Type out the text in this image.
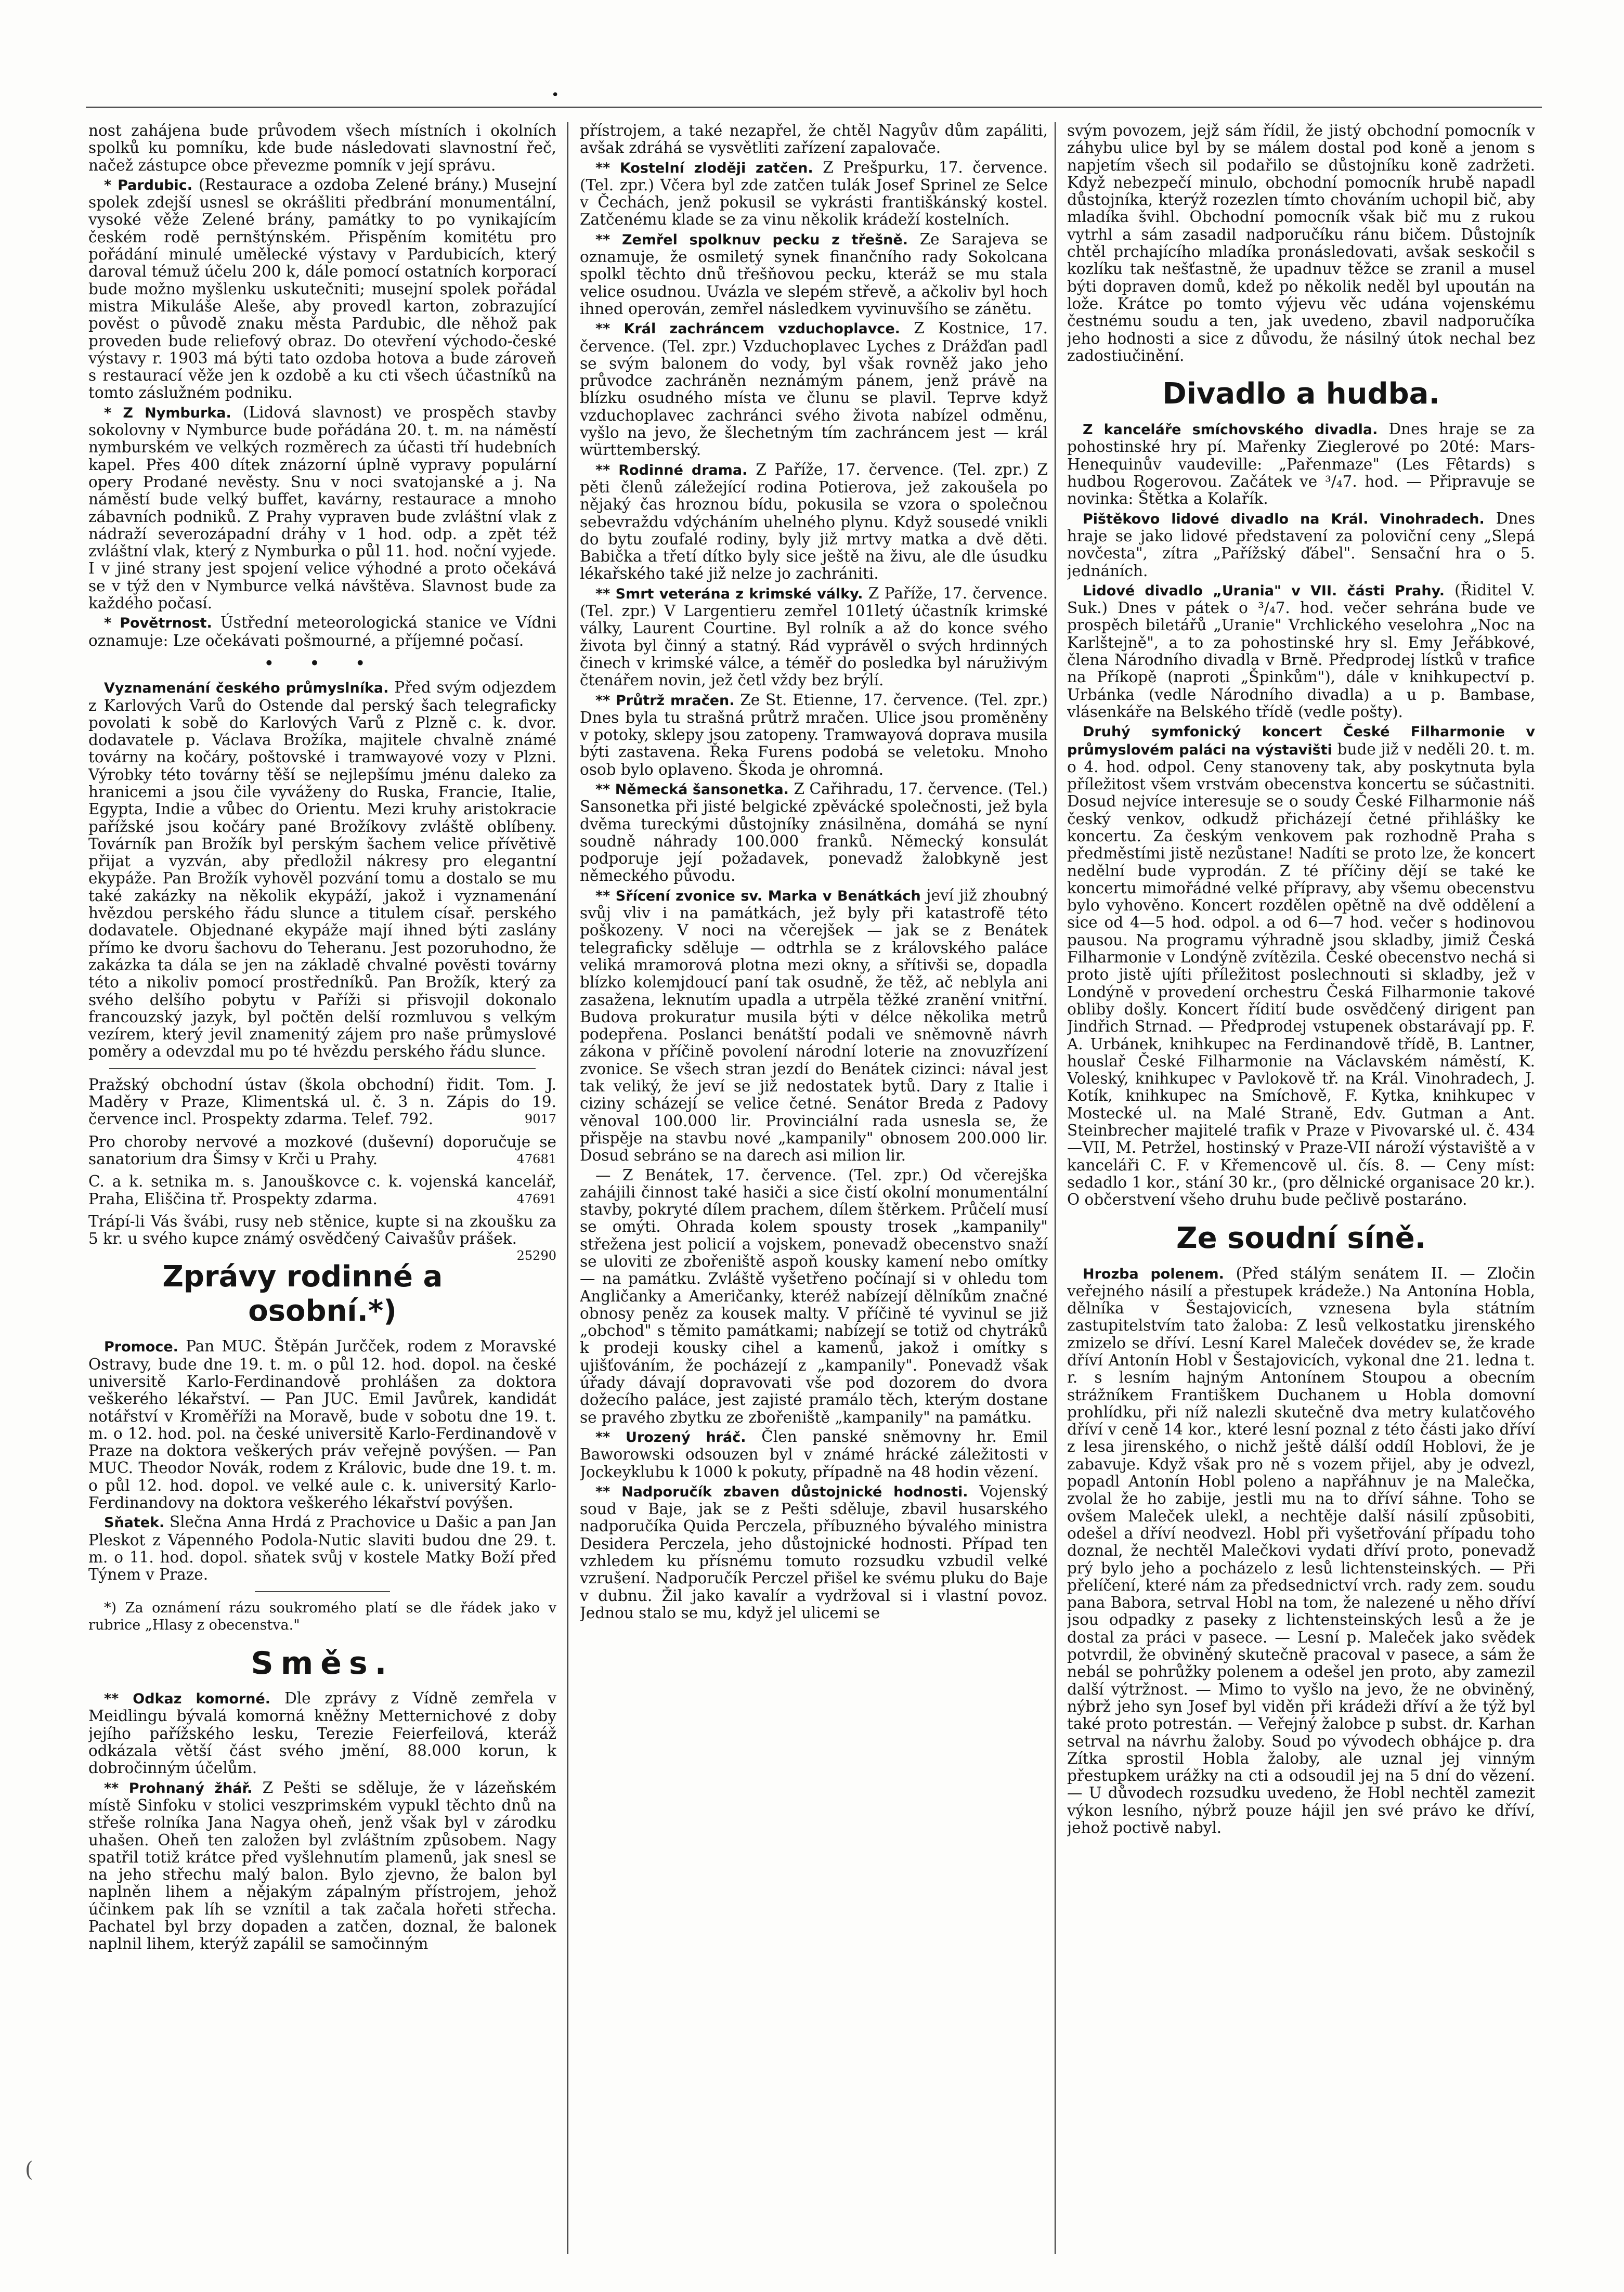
•
(

nost zahájena bude průvodem všech místních i okolních spolků ku pomníku, kde bude následovati slavnostní řeč, načež zástupce obce převezme pomník v její správu.

* Pardubic. (Restaurace a ozdoba Zelené brány.) Musejní spolek zdejší usnesl se okrášliti předbrání monumentální, vysoké věže Zelené brány, památky to po vynikajícím českém rodě pernštýnském. Přispěním komitétu pro pořádání minulé umělecké výstavy v Pardubicích, který daroval témuž účelu 200 k, dále pomocí ostatních korporací bude možno myšlenku uskutečniti; musejní spolek pořádal mistra Mikuláše Aleše, aby provedl karton, zobrazující pověst o původě znaku města Pardubic, dle něhož pak proveden bude reliefový obraz. Do otevření východo-české výstavy r. 1903 má býti tato ozdoba hotova a bude zároveň s restaurací věže jen k ozdobě a ku cti všech účastníků na tomto záslužném podniku.

* Z Nymburka. (Lidová slavnost) ve prospěch stavby sokolovny v Nymburce bude pořádána 20. t. m. na náměstí nymburském ve velkých rozměrech za účasti tří hudebních kapel. Přes 400 dítek znázorní úplně vypravy populární opery Prodané nevěsty. Snu v noci svatojanské a j. Na náměstí bude velký buffet, kavárny, restaurace a mnoho zábavních podniků. Z Prahy vypraven bude zvláštní vlak z nádraží severozápadní dráhy v 1 hod. odp. a zpět též zvláštní vlak, který z Nymburka o půl 11. hod. noční vyjede. I v jiné strany jest spojení velice výhodné a proto očekává se v týž den v Nymburce velká návštěva. Slavnost bude za každého počasí.

* Povětrnost. Ústřední meteorologická stanice ve Vídni oznamuje: Lze očekávati pošmourné, a příjemné počasí.

• • •

Vyznamenání českého průmyslníka. Před svým odjezdem z Karlových Varů do Ostende dal perský šach telegraficky povolati k sobě do Karlových Varů z Plzně c. k. dvor. dodavatele p. Václava Brožíka, majitele chvalně známé továrny na kočáry, poštovské i tramwayové vozy v Plzni. Výrobky této továrny těší se nejlepšímu jménu daleko za hranicemi a jsou čile vyváženy do Ruska, Francie, Italie, Egypta, Indie a vůbec do Orientu. Mezi kruhy aristokracie pařížské jsou kočáry pané Brožíkovy zvláště oblíbeny. Továrník pan Brožík byl perským šachem velice přívětivě přijat a vyzván, aby předložil nákresy pro elegantní ekypáže. Pan Brožík vyhověl pozvání tomu a dostalo se mu také zakázky na několik ekypáží, jakož i vyznamenání hvězdou perského řádu slunce a titulem císař. perského dodavatele. Objednané ekypáže mají ihned býti zaslány přímo ke dvoru šachovu do Teheranu. Jest pozoruhodno, že zakázka ta dála se jen na základě chvalné pověsti továrny této a nikoliv pomocí prostředníků. Pan Brožík, který za svého delšího pobytu v Paříži si přisvojil dokonalo francouzský jazyk, byl počtěn delší rozmluvou s velkým vezírem, který jevil znamenitý zájem pro naše průmyslové poměry a odevzdal mu po té hvězdu perského řádu slunce.

Pražský obchodní ústav (škola obchodní) řidit. Tom. J. Maděry v Praze, Klimentská ul. č. 3 n. Zápis do 19. července incl. Prospekty zdarma. Telef. 792.	9017

Pro choroby nervové a mozkové (duševní) doporučuje se sanatorium dra Šimsy v Krči u Prahy.	47681

C. a k. setnika m. s. Janouškovce c. k. vojenská kancelář, Praha, Eliščina tř. Prospekty zdarma.	47691

Trápí-li Vás švábi, rusy neb stěnice, kupte si na zkoušku za 5 kr. u svého kupce známý osvědčený Caivašův prášek.
25290

Zprávy rodinné a osobní.*)

Promoce. Pan MUC. Štěpán Jurčček, rodem z Moravské Ostravy, bude dne 19. t. m. o půl 12. hod. dopol. na české universitě Karlo-Ferdinandově prohlášen za doktora veškerého lékařství. — Pan JUC. Emil Javůrek, kandidát notářství v Kroměříži na Moravě, bude v sobotu dne 19. t. m. o 12. hod. pol. na české universitě Karlo-Ferdinandově v Praze na doktora veškerých práv veřejně povýšen. — Pan MUC. Theodor Novák, rodem z Královic, bude dne 19. t. m. o půl 12. hod. dopol. ve velké aule c. k. universitý Karlo-Ferdinandovy na doktora veškerého lékařství povýšen.

Sňatek. Slečna Anna Hrdá z Prachovice u Dašic a pan Jan Pleskot z Vápenného Podola-Nutic slaviti budou dne 29. t. m. o 11. hod. dopol. sňatek svůj v kostele Matky Boží před Týnem v Praze.

*) Za oznámení rázu soukromého platí se dle řádek jako v rubrice „Hlasy z obecenstva."

Směs.

** Odkaz komorné. Dle zprávy z Vídně zemřela v Meidlingu bývalá komorná kněžny Metternichové z doby jejího pařížského lesku, Terezie Feierfeilová, kteráž odkázala větší část svého jmění, 88.000 korun, k dobročinným účelům.

** Prohnaný žhář. Z Pešti se sděluje, že v lázeňském místě Sinfoku v stolici veszprimském vypukl těchto dnů na střeše rolníka Jana Nagya oheň, jenž však byl v zárodku uhašen. Oheň ten založen byl zvláštním způsobem. Nagy spatřil totiž krátce před vyšlehnutím plamenů, jak snesl se na jeho střechu malý balon. Bylo zjevno, že balon byl naplněn lihem a nějakým zápalným přístrojem, jehož účinkem pak líh se vznítil a tak začala hořeti střecha. Pachatel byl brzy dopaden a zatčen, doznal, že balonek naplnil lihem, kterýž zapálil se samočinným

přístrojem, a také nezapřel, že chtěl Nagyův dům zapáliti, avšak zdráhá se vysvětliti zařízení zapalovače.

** Kostelní zloději zatčen. Z Prešpurku, 17. července. (Tel. zpr.) Včera byl zde zatčen tulák Josef Sprinel ze Selce v Čechách, jenž pokusil se vykrásti františkánský kostel. Zatčenému klade se za vinu několik krádeží kostelních.

** Zemřel spolknuv pecku z třešně. Ze Sarajeva se oznamuje, že osmiletý synek finančního rady Sokolcana spolkl těchto dnů třešňovou pecku, kteráž se mu stala velice osudnou. Uvázla ve slepém střevě, a ačkoliv byl hoch ihned operován, zemřel následkem vyvinuvšího se zánětu.

** Král zachráncem vzduchoplavce. Z Kostnice, 17. července. (Tel. zpr.) Vzduchoplavec Lyches z Drážďan padl se svým balonem do vody, byl však rovněž jako jeho průvodce zachráněn neznámým pánem, jenž právě na blízku osudného místa ve člunu se plavil. Teprve když vzduchoplavec zachránci svého života nabízel odměnu, vyšlo na jevo, že šlechetným tím zachráncem jest — král württemberský.

** Rodinné drama. Z Paříže, 17. července. (Tel. zpr.) Z pěti členů záležející rodina Potierova, jež zakoušela po nějaký čas hroznou bídu, pokusila se vzora o společnou sebevraždu vdýcháním uhelného plynu. Když sousedé vnikli do bytu zoufalé rodiny, byly již mrtvy matka a dvě děti. Babička a třetí dítko byly sice ještě na živu, ale dle úsudku lékařského také již nelze jo zachrániti.

** Smrt veterána z krimské války. Z Paříže, 17. července. (Tel. zpr.) V Largentieru zemřel 101letý účastník krimské války, Laurent Courtine. Byl rolník a až do konce svého života byl činný a statný. Rád vyprávěl o svých hrdinných činech v krimské válce, a téměř do posledka byl náruživým čtenářem novin, jež četl vždy bez brýlí.

** Průtrž mračen. Ze St. Etienne, 17. července. (Tel. zpr.) Dnes byla tu strašná průtrž mračen. Ulice jsou proměněny v potoky, sklepy jsou zatopeny. Tramwayová doprava musila býti zastavena. Řeka Furens podobá se veletoku. Mnoho osob bylo oplaveno. Škoda je ohromná.

** Německá šansonetka. Z Cařihradu, 17. července. (Tel.) Sansonetka při jisté belgické zpěvácké společnosti, jež byla dvěma tureckými důstojníky znásilněna, domáhá se nyní soudně náhrady 100.000 franků. Německý konsulát podporuje její požadavek, ponevadž žalobkyně jest německého původu.

** Sřícení zvonice sv. Marka v Benátkách jeví již zhoubný svůj vliv i na památkách, jež byly při katastrofě této poškozeny. V noci na včerejšek — jak se z Benátek telegraficky sděluje — odtrhla se z královského paláce veliká mramorová plotna mezi okny, a sřítivši se, dopadla blízko kolemjdoucí paní tak osudně, že těž, ač neblyla ani zasažena, leknutím upadla a utrpěla těžké zranění vnitřní. Budova prokuratur musila býti v délce několika metrů podepřena. Poslanci benátští podali ve sněmovně návrh zákona v příčině povolení národní loterie na znovuzřízení zvonice. Se všech stran jezdí do Benátek cizinci: nával jest tak veliký, že jeví se již nedostatek bytů. Dary z Italie i ciziny scházejí se velice četné. Senátor Breda z Padovy věnoval 100.000 lir. Provinciální rada usnesla se, že přispěje na stavbu nové „kampanily" obnosem 200.000 lir. Dosud sebráno se na darech asi milion lir.

— Z Benátek, 17. července. (Tel. zpr.) Od včerejška zahájili činnost také hasiči a sice čistí okolní monumentální stavby, pokryté dílem prachem, dílem štěrkem. Průčelí musí se omýti. Ohrada kolem spousty trosek „kampanily" střežena jest policií a vojskem, ponevadž obecenstvo snaží se uloviti ze zbořeniště aspoň kousky kamení nebo omítky — na památku. Zvláště vyšetřeno počínají si v ohledu tom Angličanky a Američanky, kteréž nabízejí dělníkům značné obnosy peněz za kousek malty. V příčině té vyvinul se již „obchod" s těmito památkami; nabízejí se totiž od chytráků k prodeji kousky cihel a kamenů, jakož i omítky s ujišťováním, že pocházejí z „kampanily". Ponevadž však úřady dávají dopravovati vše pod dozorem do dvora dožecího paláce, jest zajisté pramálo těch, kterým dostane se pravého zbytku ze zbořeniště „kampanily" na památku.

** Urozený hráč. Člen panské sněmovny hr. Emil Baworowski odsouzen byl v známé hrácké záležitosti v Jockeyklubu k 1000 k pokuty, případně na 48 hodin vězení.

** Nadporučík zbaven důstojnické hodnosti. Vojenský soud v Baje, jak se z Pešti sděluje, zbavil husarského nadporučíka Quida Perczela, příbuzného bývalého ministra Desidera Perczela, jeho důstojnické hodnosti. Případ ten vzhledem ku přísnému tomuto rozsudku vzbudil velké vzrušení. Nadporučík Perczel přišel ke svému pluku do Baje v dubnu. Žil jako kavalír a vydržoval si i vlastní povoz. Jednou stalo se mu, když jel ulicemi se

svým povozem, jejž sám řídil, že jistý obchodní pomocník v záhybu ulice byl by se málem dostal pod koně a jenom s napjetím všech sil podařilo se důstojníku koně zadržeti. Když nebezpečí minulo, obchodní pomocník hrubě napadl důstojníka, kterýž rozezlen tímto chováním uchopil bič, aby mladíka švihl. Obchodní pomocník však bič mu z rukou vytrhl a sám zasadil nadporučíku ránu bičem. Důstojník chtěl prchajícího mladíka pronásledovati, avšak seskočil s kozlíku tak nešťastně, že upadnuv těžce se zranil a musel býti dopraven domů, kdež po několik neděl byl upoután na lože. Krátce po tomto výjevu věc udána vojenskému čestnému soudu a ten, jak uvedeno, zbavil nadporučíka jeho hodnosti a sice z důvodu, že násilný útok nechal bez zadostiučinění.

Divadlo a hudba.

Z kanceláře smíchovského divadla. Dnes hraje se za pohostinské hry pí. Mařenky Zieglerové po 20té: Mars-Henequinův vaudeville: „Pařenmaze" (Les Fêtards) s hudbou Rogerovou. Začátek ve ³/₄7. hod. — Připravuje se novinka: Štětka a Kolařík.

Pištěkovo lidové divadlo na Král. Vinohradech. Dnes hraje se jako lidové představení za poloviční ceny „Slepá novčesta", zítra „Pařížský ďábel". Sensační hra o 5. jednáních.

Lidové divadlo „Urania" v VII. části Prahy. (Řiditel V. Suk.) Dnes v pátek o ³/₄7. hod. večer sehrána bude ve prospěch biletářů „Uranie" Vrchlického veselohra „Noc na Karlštejně", a to za pohostinské hry sl. Emy Jeřábkové, člena Národního divadla v Brně. Předprodej lístků v trafice na Příkopě (naproti „Špinkům"), dále v knihkupectví p. Urbánka (vedle Národního divadla) a u p. Bambase, vlásenkáře na Belského třídě (vedle pošty).

Druhý symfonický koncert České Filharmonie v průmyslovém paláci na výstavišti bude již v neděli 20. t. m. o 4. hod. odpol. Ceny stanoveny tak, aby poskytnuta byla příležitost všem vrstvám obecenstva koncertu se súčastniti. Dosud nejvíce interesuje se o soudy České Filharmonie náš český venkov, odkudž přicházejí četné přihlášky ke koncertu. Za českým venkovem pak rozhodně Praha s předměstími jistě nezůstane! Nadíti se proto lze, že koncert nedělní bude vyprodán. Z té příčiny dějí se také ke koncertu mimořádné velké přípravy, aby všemu obecenstvu bylo vyhověno. Koncert rozdělen opětně na dvě oddělení a sice od 4—5 hod. odpol. a od 6—7 hod. večer s hodinovou pausou. Na programu výhradně jsou skladby, jimiž Česká Filharmonie v Londýně zvítězila. České obecenstvo nechá si proto jistě ujíti příležitost poslechnouti si skladby, jež v Londýně v provedení orchestru Česká Filharmonie takové obliby došly. Koncert řídití bude osvědčený dirigent pan Jindřich Strnad. — Předprodej vstupenek obstarávají pp. F. A. Urbánek, knihkupec na Ferdinandově třídě, B. Lantner, houslař České Filharmonie na Václavském náměstí, K. Voleský, knihkupec v Pavlokově tř. na Král. Vinohradech, J. Kotík, knihkupec na Smíchově, F. Kytka, knihkupec v Mostecké ul. na Malé Straně, Edv. Gutman a Ant. Steinbrecher majitelé trafik v Praze v Pivovarské ul. č. 434—VII, M. Petržel, hostinský v Praze-VII nároží výstaviště a v kanceláři C. F. v Křemencově ul. čís. 8. — Ceny míst: sedadlo 1 kor., stání 30 kr., (pro dělnické organisace 20 kr.). O občerstvení všeho druhu bude pečlivě postaráno.

Ze soudní síně.

Hrozba polenem. (Před stálým senátem II. — Zločin veřejného násilí a přestupek krádeže.) Na Antonína Hobla, dělníka v Šestajovicích, vznesena byla státním zastupitelstvím tato žaloba: Z lesů velkostatku jirenského zmizelo se dříví. Lesní Karel Maleček dovédev se, že krade dříví Antonín Hobl v Šestajovicích, vykonal dne 21. ledna t. r. s lesním hajným Antonínem Stoupou a obecním strážníkem Františkem Duchanem u Hobla domovní prohlídku, při níž nalezli skutečně dva metry kulatčového dříví v ceně 14 kor., které lesní poznal z této části jako dříví z lesa jirenského, o nichž ještě dálší oddíl Hoblovi, že je zabavuje. Když však pro ně s vozem přijel, aby je odvezl, popadl Antonín Hobl poleno a napřáhnuv je na Malečka, zvolal že ho zabije, jestli mu na to dříví sáhne. Toho se ovšem Maleček ulekl, a nechtěje další násilí způsobiti, odešel a dříví neodvezl. Hobl při vyšetřování případu toho doznal, že nechtěl Malečkovi vydati dříví proto, ponevadž prý bylo jeho a pocházelo z lesů lichtensteinských. — Při přelíčení, které nám za předsednictví vrch. rady zem. soudu pana Babora, setrval Hobl na tom, že nalezené u něho dříví jsou odpadky z paseky z lichtensteinských lesů a že je dostal za práci v pasece. — Lesní p. Maleček jako svědek potvrdil, že obviněný skutečně pracoval v pasece, a sám že nebál se pohrůžky polenem a odešel jen proto, aby zamezil další výtržnost. — Mimo to vyšlo na jevo, že ne obviněný, nýbrž jeho syn Josef byl viděn při krádeži dříví a že týž byl také proto potrestán. — Veřejný žalobce p subst. dr. Karhan setrval na návrhu žaloby. Soud po vývodech obhájce p. dra Zítka sprostil Hobla žaloby, ale uznal jej vinným přestupkem urážky na cti a odsoudil jej na 5 dní do vězení. — U důvodech rozsudku uvedeno, že Hobl nechtěl zamezit výkon lesního, nýbrž pouze hájil jen své právo ke dříví, jehož poctivě nabyl.
